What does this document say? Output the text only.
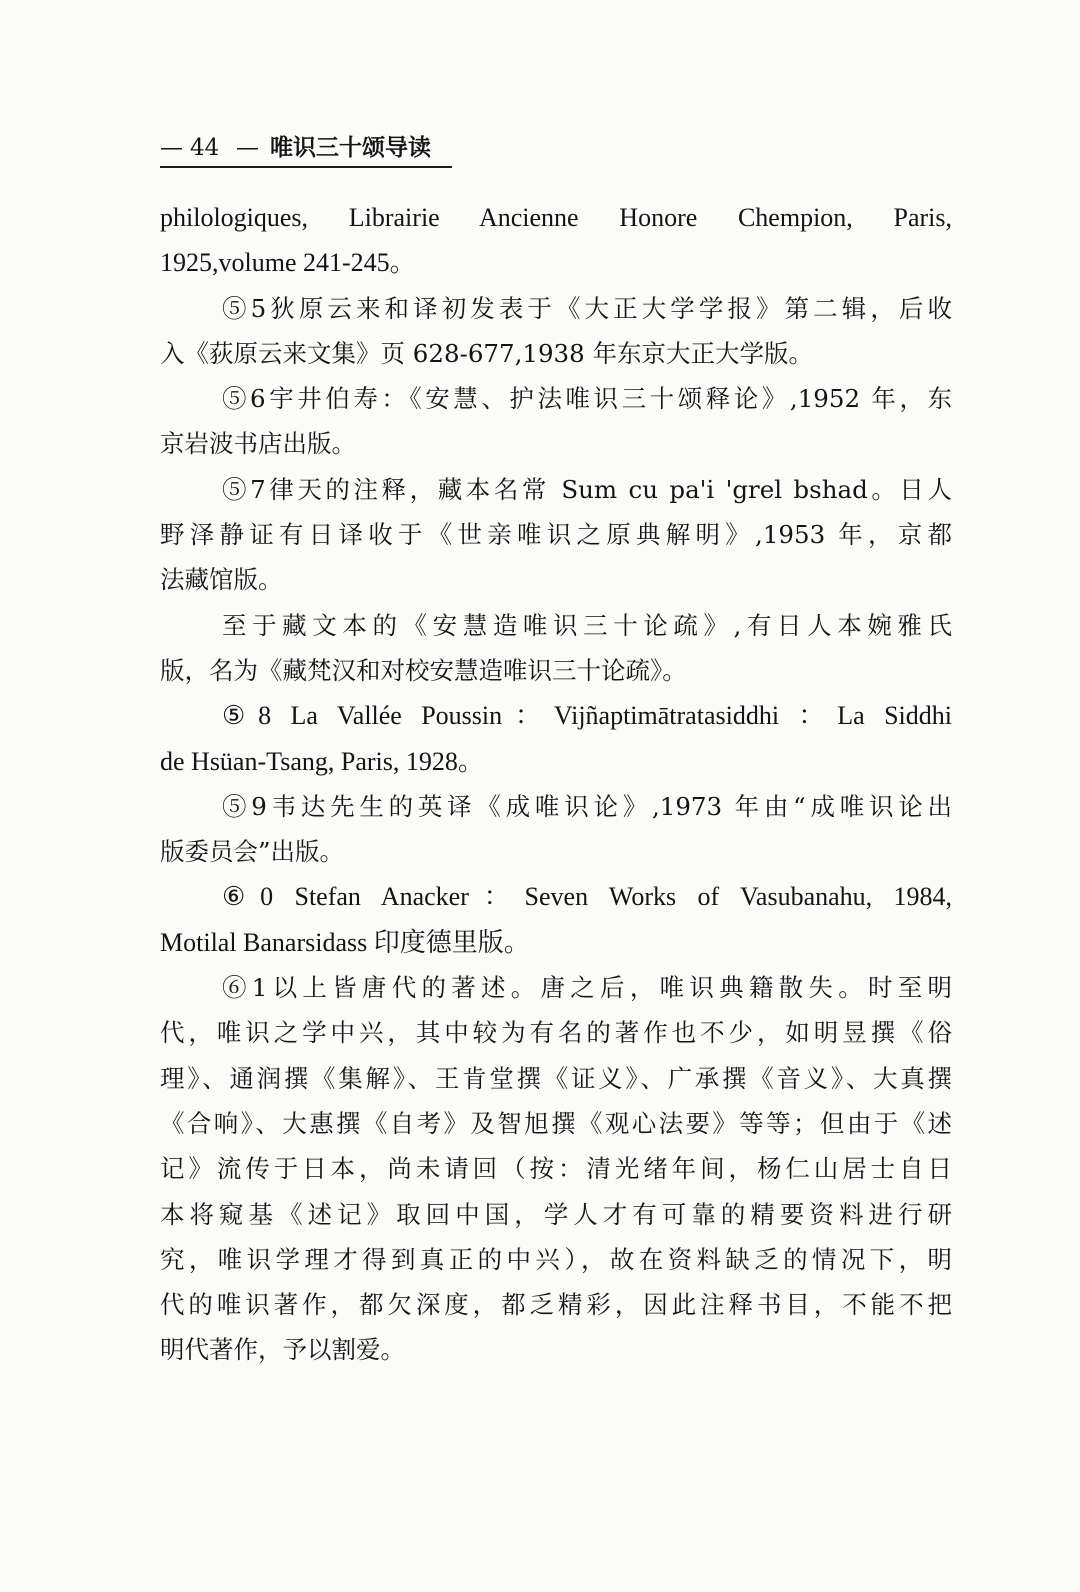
— 44 — 唯识三十颂导读
philologiques, Librairie Ancienne Honore Chempion, Paris,
1925,volume 241-245。
⑤5狄原云来和译初发表于《大正大学学报》第二辑，后收
入《荻原云来文集》页 628-677,1938 年东京大正大学版。
⑤6宇井伯寿：《安慧、护法唯识三十颂释论》,1952 年，东
京岩波书店出版。
⑤7律天的注释，藏本名常 Sum cu pa'i 'grel bshad。日人
野泽静证有日译收于《世亲唯识之原典解明》,1953 年，京都
法藏馆版。
至于藏文本的《安慧造唯识三十论疏》,有日人本婉雅氏
版，名为《藏梵汉和对校安慧造唯识三十论疏》。
⑤8 La Vallée Poussin：Vijñaptimātratasiddhi ：La Siddhi
de Hsüan-Tsang, Paris, 1928。
⑤9韦达先生的英译《成唯识论》,1973 年由“成唯识论出
版委员会”出版。
⑥0 Stefan Anacker：Seven Works of Vasubanahu, 1984,
Motilal Banarsidass 印度德里版。
⑥1以上皆唐代的著述。唐之后，唯识典籍散失。时至明
代，唯识之学中兴，其中较为有名的著作也不少，如明昱撰《俗
理》、通润撰《集解》、王肯堂撰《证义》、广承撰《音义》、大真撰
《合响》、大惠撰《自考》及智旭撰《观心法要》等等；但由于《述
记》流传于日本，尚未请回（按：清光绪年间，杨仁山居士自日
本将窥基《述记》取回中国，学人才有可靠的精要资料进行研
究，唯识学理才得到真正的中兴），故在资料缺乏的情况下，明
代的唯识著作，都欠深度，都乏精彩，因此注释书目，不能不把
明代著作，予以割爱。
